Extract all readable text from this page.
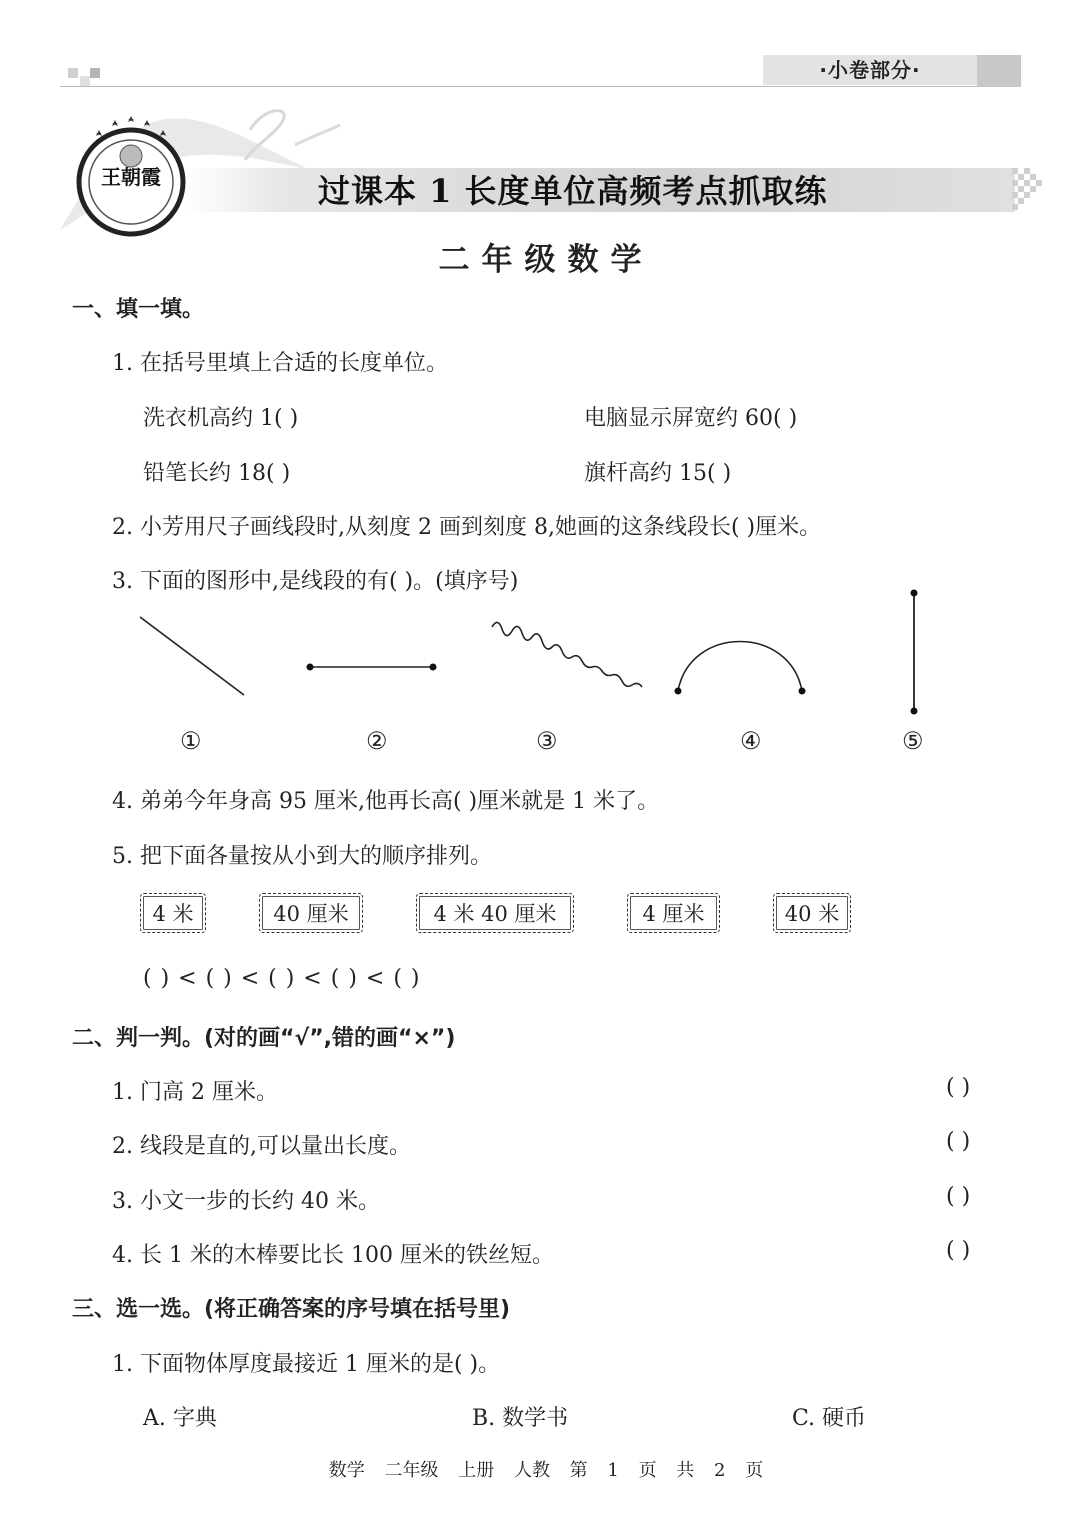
·小卷部分·
王朝霞	过课本 1 长度单位高频考点抓取练
二年级数学
一、填一填。
1. 在括号里填上合适的长度单位。
洗衣机高约 1( )	电脑显示屏宽约 60( )
铅笔长约 18( )	旗杆高约 15( )
2. 小芳用尺子画线段时,从刻度 2 画到刻度 8,她画的这条线段长( )厘米。
3. 下面的图形中,是线段的有( )。(填序号)
①	②	③	④	⑤
4. 弟弟今年身高 95 厘米,他再长高( )厘米就是 1 米了。
5. 把下面各量按从小到大的顺序排列。
4 米	40 厘米	4 米 40 厘米	4 厘米	40 米
( ) < ( ) < ( ) < ( ) < ( )
二、判一判。(对的画“√”,错的画“×”)
1. 门高 2 厘米。
2. 线段是直的,可以量出长度。
3. 小文一步的长约 40 米。
4. 长 1 米的木棒要比长 100 厘米的铁丝短。
( )
( )
( )
( )
三、选一选。(将正确答案的序号填在括号里)
1. 下面物体厚度最接近 1 厘米的是( )。
A. 字典	B. 数学书	C. 硬币
数学 二年级 上册 人教 第 1 页 共 2 页
